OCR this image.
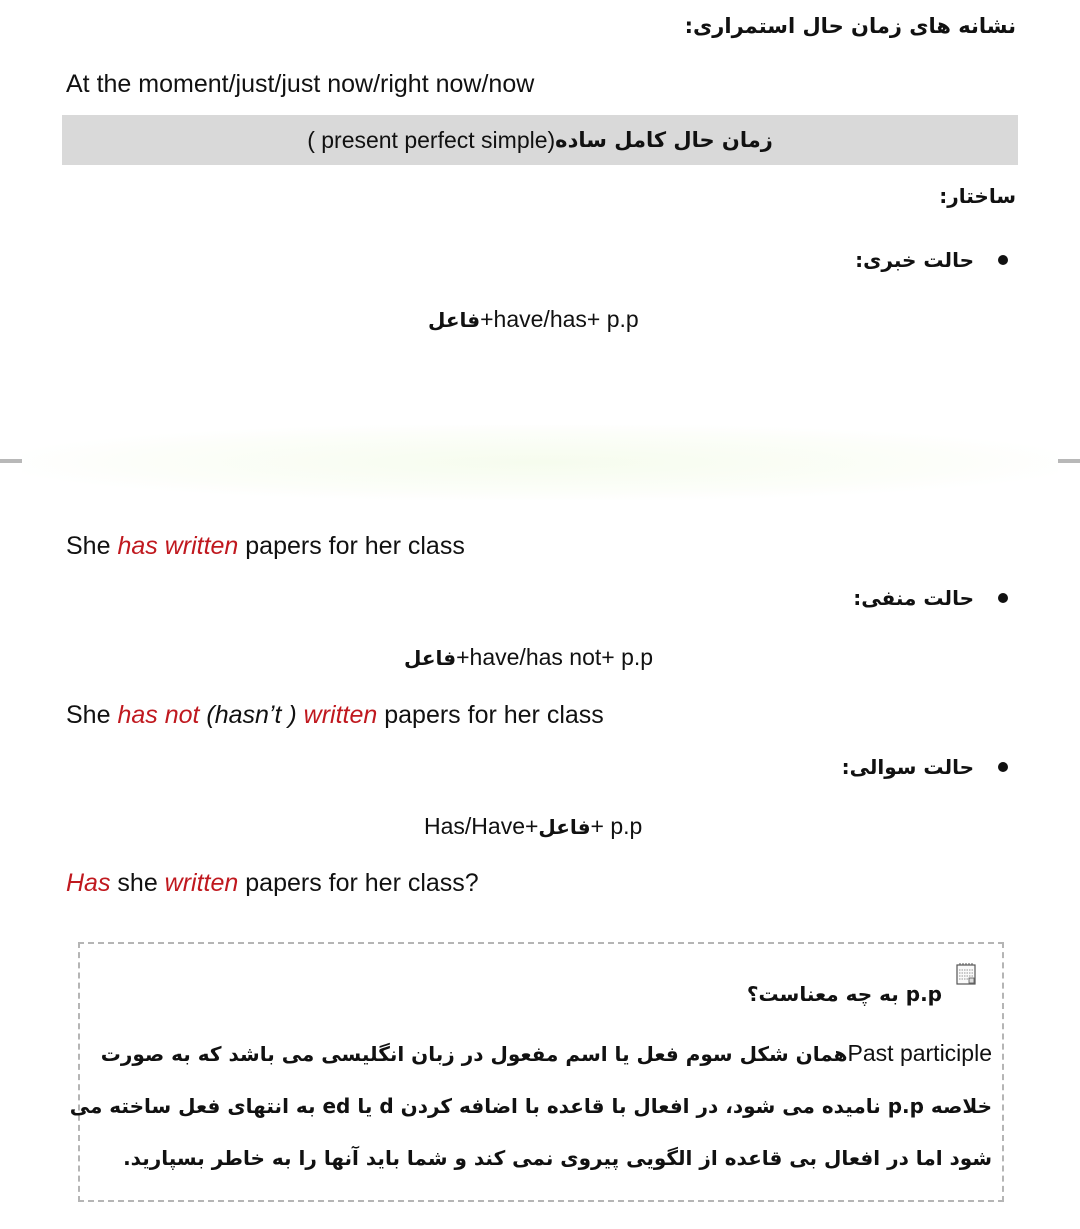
نشانه های زمان حال استمراری:
At the moment/just/just now/right now/now
( present perfect simple) زمان حال کامل ساده
ساختار:
حالت خبری:
فاعل+have/has+ p.p
She has written papers for her class
حالت منفی:
فاعل+have/has not+ p.p
She has not (hasn’t ) written papers for her class
حالت سوالی:
Has/Have+فاعل+ p.p
Has she written papers for her class?
p.p به چه معناست؟
Past participleهمان شکل سوم فعل یا اسم مفعول در زبان انگلیسی می باشد که به صورت
خلاصه p.p نامیده می شود، در افعال با قاعده با اضافه کردن d یا ed به انتهای فعل ساخته می
شود اما در افعال بی قاعده از الگویی پیروی نمی کند و شما باید آنها را به خاطر بسپارید.
